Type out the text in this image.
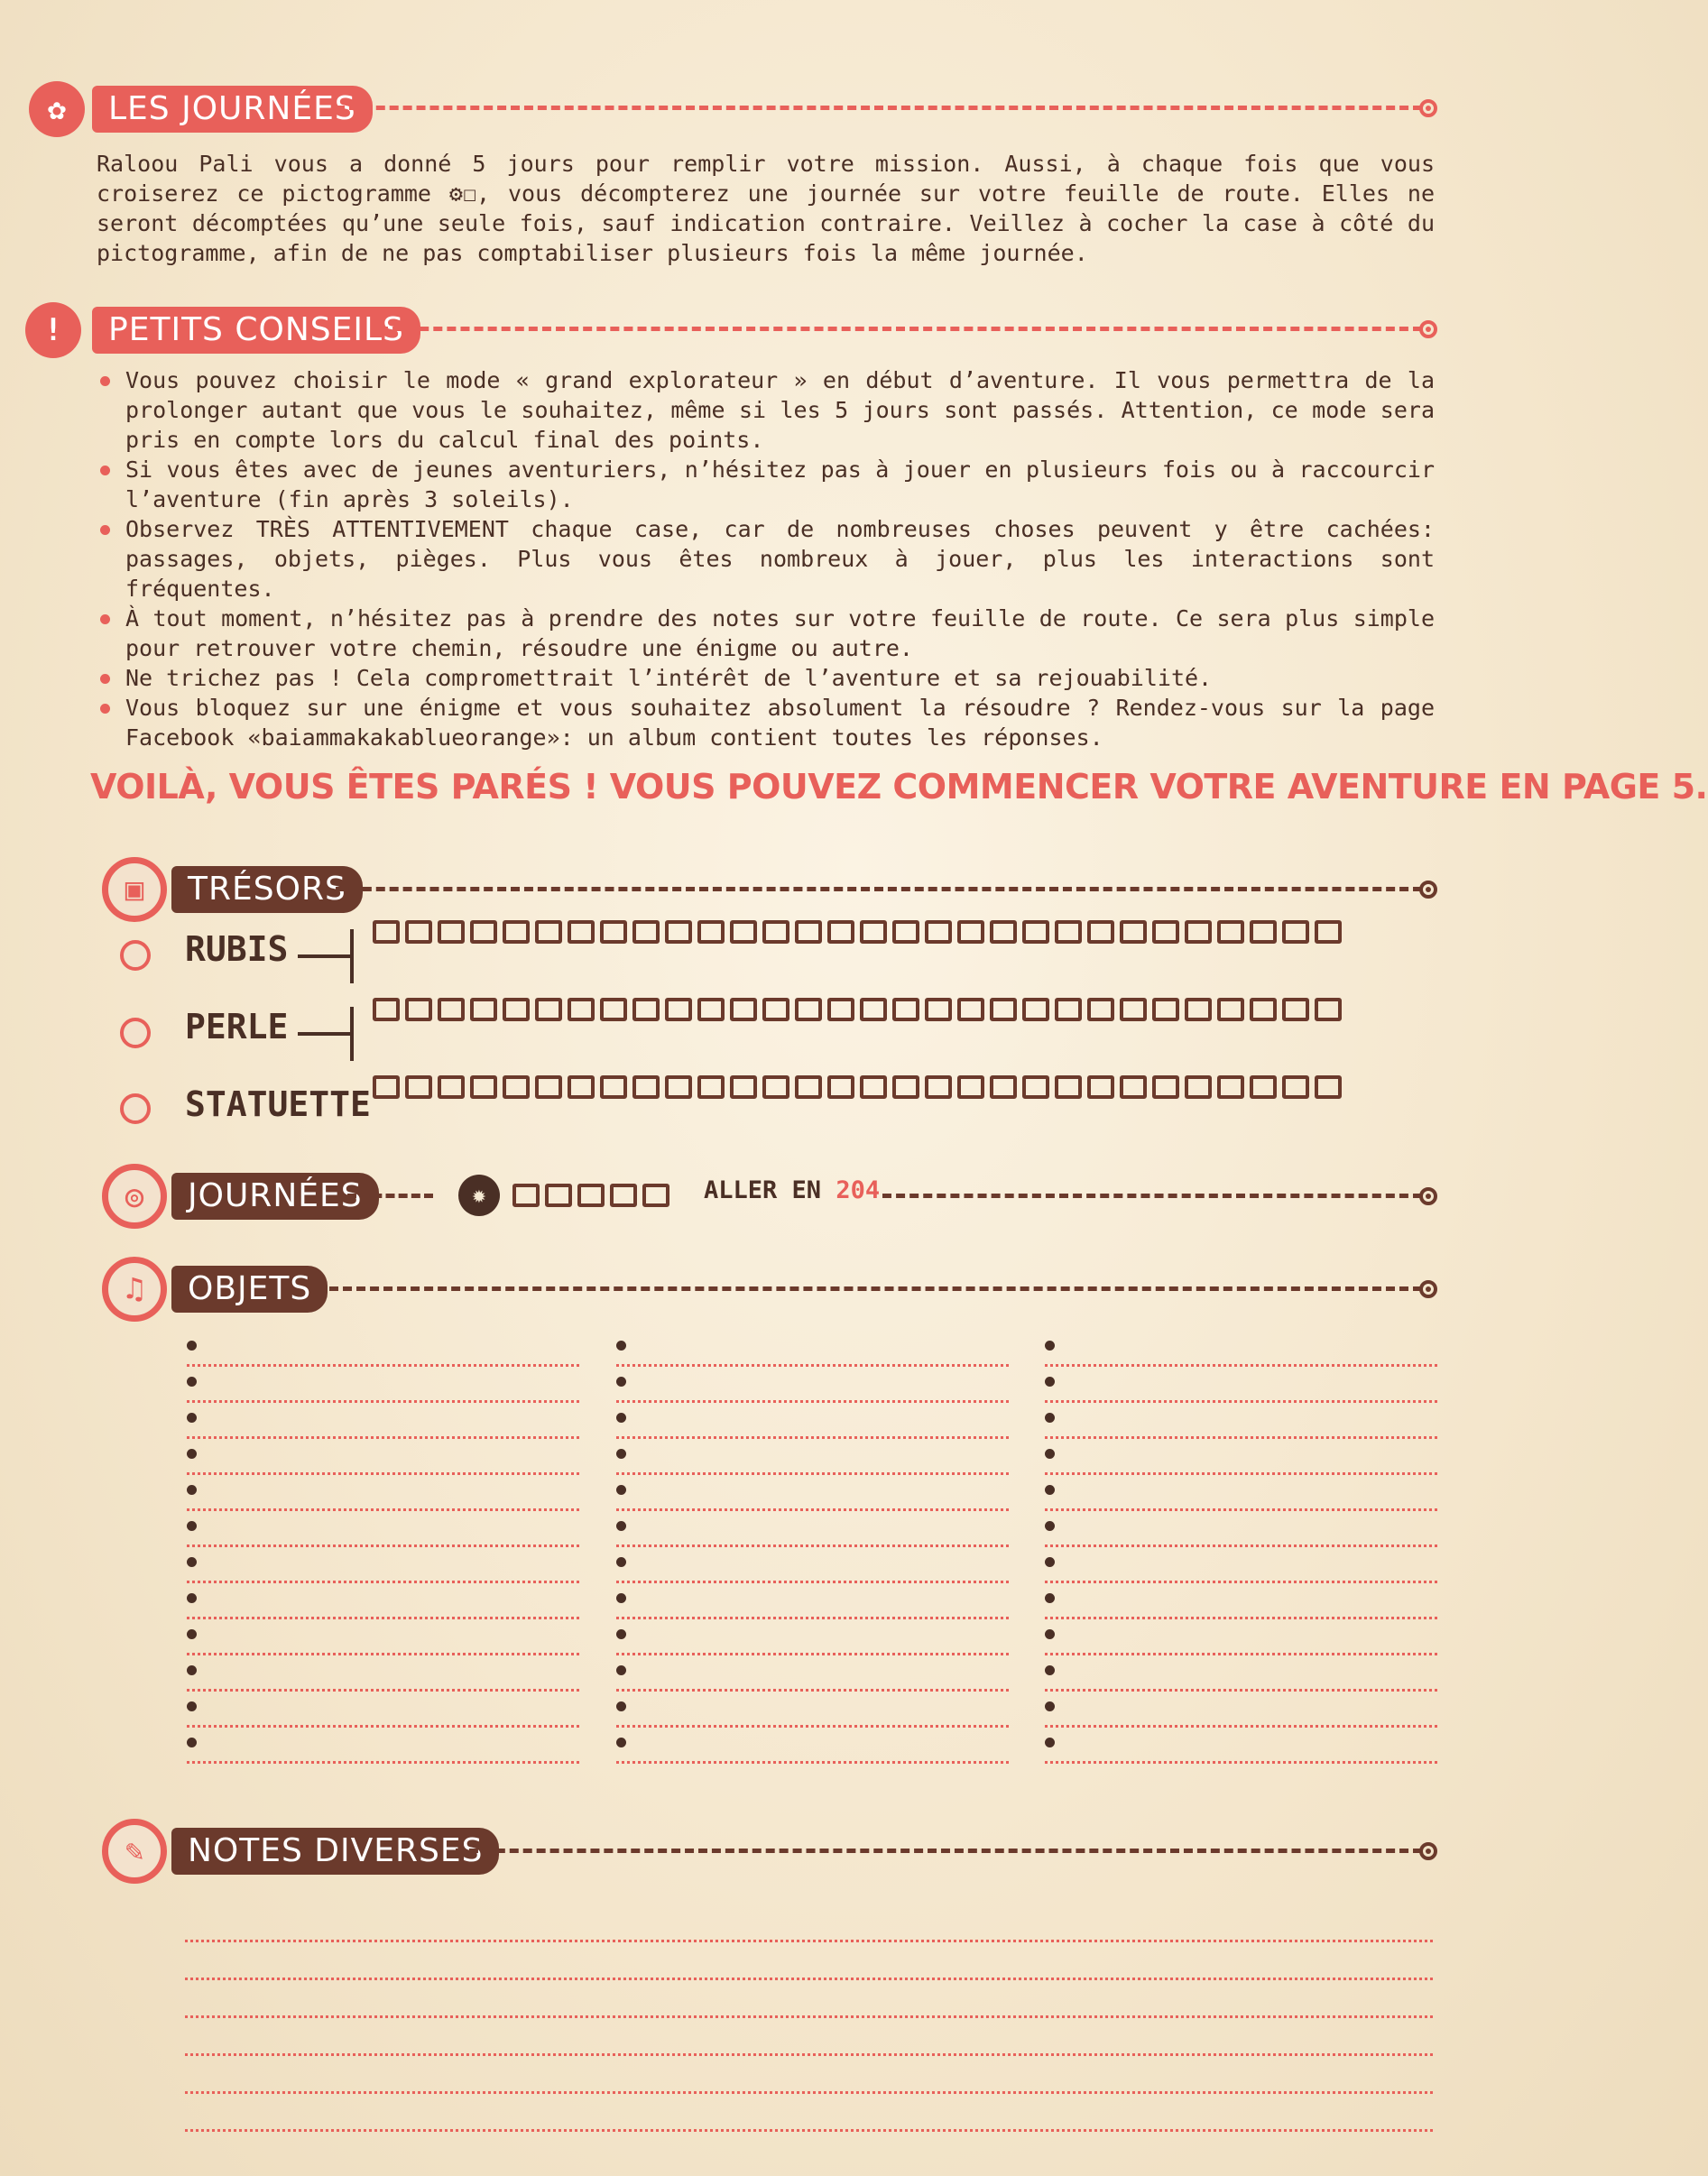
✿	LES JOURNÉES

Raloou Pali vous a donné 5 jours pour remplir votre mission. Aussi, à chaque fois que vous croiserez ce pictogramme ⚙☐, vous décompterez une journée sur votre feuille de route. Elles ne seront décomptées qu’une seule fois, sauf indication contraire. Veillez à cocher la case à côté du pictogramme, afin de ne pas comptabiliser plusieurs fois la même journée.

!	PETITS CONSEILS
Vous pouvez choisir le mode « grand explorateur » en début d’aventure. Il vous permettra de la prolonger autant que vous le souhaitez, même si les 5 jours sont passés. Attention, ce mode sera pris en compte lors du calcul final des points.
Si vous êtes avec de jeunes aventuriers, n’hésitez pas à jouer en plusieurs fois ou à raccourcir l’aventure (fin après 3 soleils).
Observez TRÈS ATTENTIVEMENT chaque case, car de nombreuses choses peuvent y être cachées: passages, objets, pièges. Plus vous êtes nombreux à jouer, plus les interactions sont fréquentes.
À tout moment, n’hésitez pas à prendre des notes sur votre feuille de route. Ce sera plus simple pour retrouver votre chemin, résoudre une énigme ou autre.
Ne trichez pas ! Cela compromettrait l’intérêt de l’aventure et sa rejouabilité.
Vous bloquez sur une énigme et vous souhaitez absolument la résoudre ? Rendez-vous sur la page Facebook «baiammakakablueorange»: un album contient toutes les réponses.
VOILÀ, VOUS ÊTES PARÉS ! VOUS POUVEZ COMMENCER VOTRE AVENTURE EN PAGE 5.
▣	TRÉSORS
RUBIS
PERLE
STATUETTE
◎	JOURNÉES	✹	ALLER EN 204.
♫	OBJETS
✎	NOTES DIVERSES
